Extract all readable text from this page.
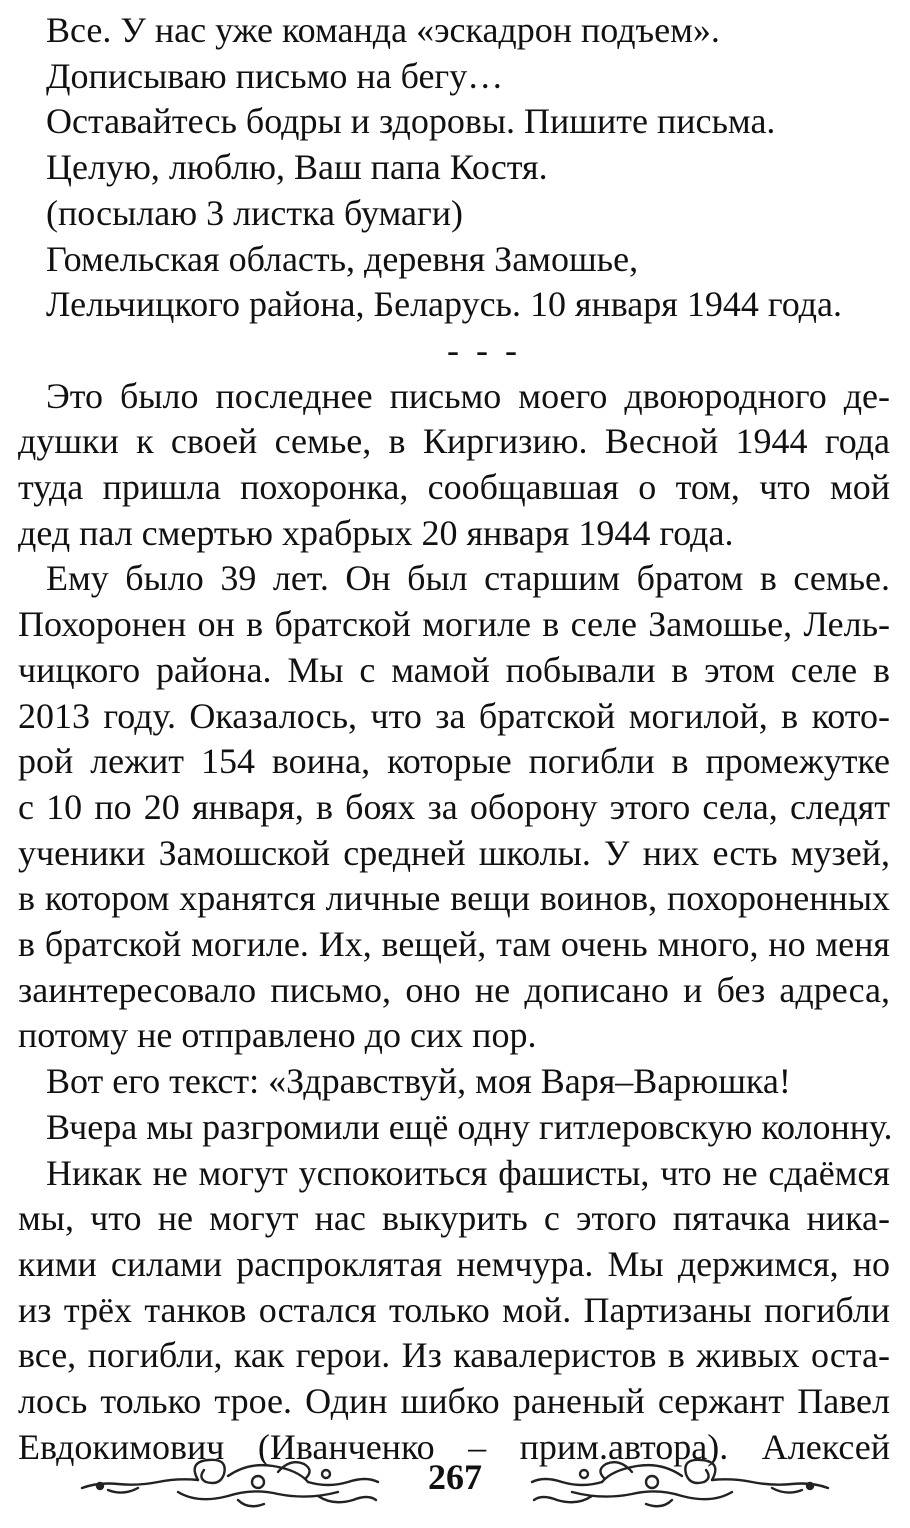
Все. У нас уже команда «эскадрон подъем».
Дописываю письмо на бегу…
Оставайтесь бодры и здоровы. Пишите письма.
Целую, люблю, Ваш папа Костя.
(посылаю 3 листка бумаги)
Гомельская область, деревня Замошье,
Лельчицкого района, Беларусь. 10 января 1944 года.
- - -
Это было последнее письмо моего двоюродного де-
душки к своей семье, в Киргизию. Весной 1944 года
туда пришла похоронка, сообщавшая о том, что мой
дед пал смертью храбрых 20 января 1944 года.
Ему было 39 лет. Он был старшим братом в семье.
Похоронен он в братской могиле в селе Замошье, Лель-
чицкого района. Мы с мамой побывали в этом селе в
2013 году. Оказалось, что за братской могилой, в кото-
рой лежит 154 воина, которые погибли в промежутке
с 10 по 20 января, в боях за оборону этого села, следят
ученики Замошской средней школы. У них есть музей,
в котором хранятся личные вещи воинов, похороненных
в братской могиле. Их, вещей, там очень много, но меня
заинтересовало письмо, оно не дописано и без адреса,
потому не отправлено до сих пор.
Вот его текст: «Здравствуй, моя Варя–Варюшка!
Вчера мы разгромили ещё одну гитлеровскую колонну.
Никак не могут успокоиться фашисты, что не сдаёмся
мы, что не могут нас выкурить с этого пятачка ника-
кими силами распроклятая немчура. Мы держимся, но
из трёх танков остался только мой. Партизаны погибли
все, погибли, как герои. Из кавалеристов в живых оста-
лось только трое. Один шибко раненый сержант Павел
Евдокимович (Иванченко – прим.автора). Алексей
267
